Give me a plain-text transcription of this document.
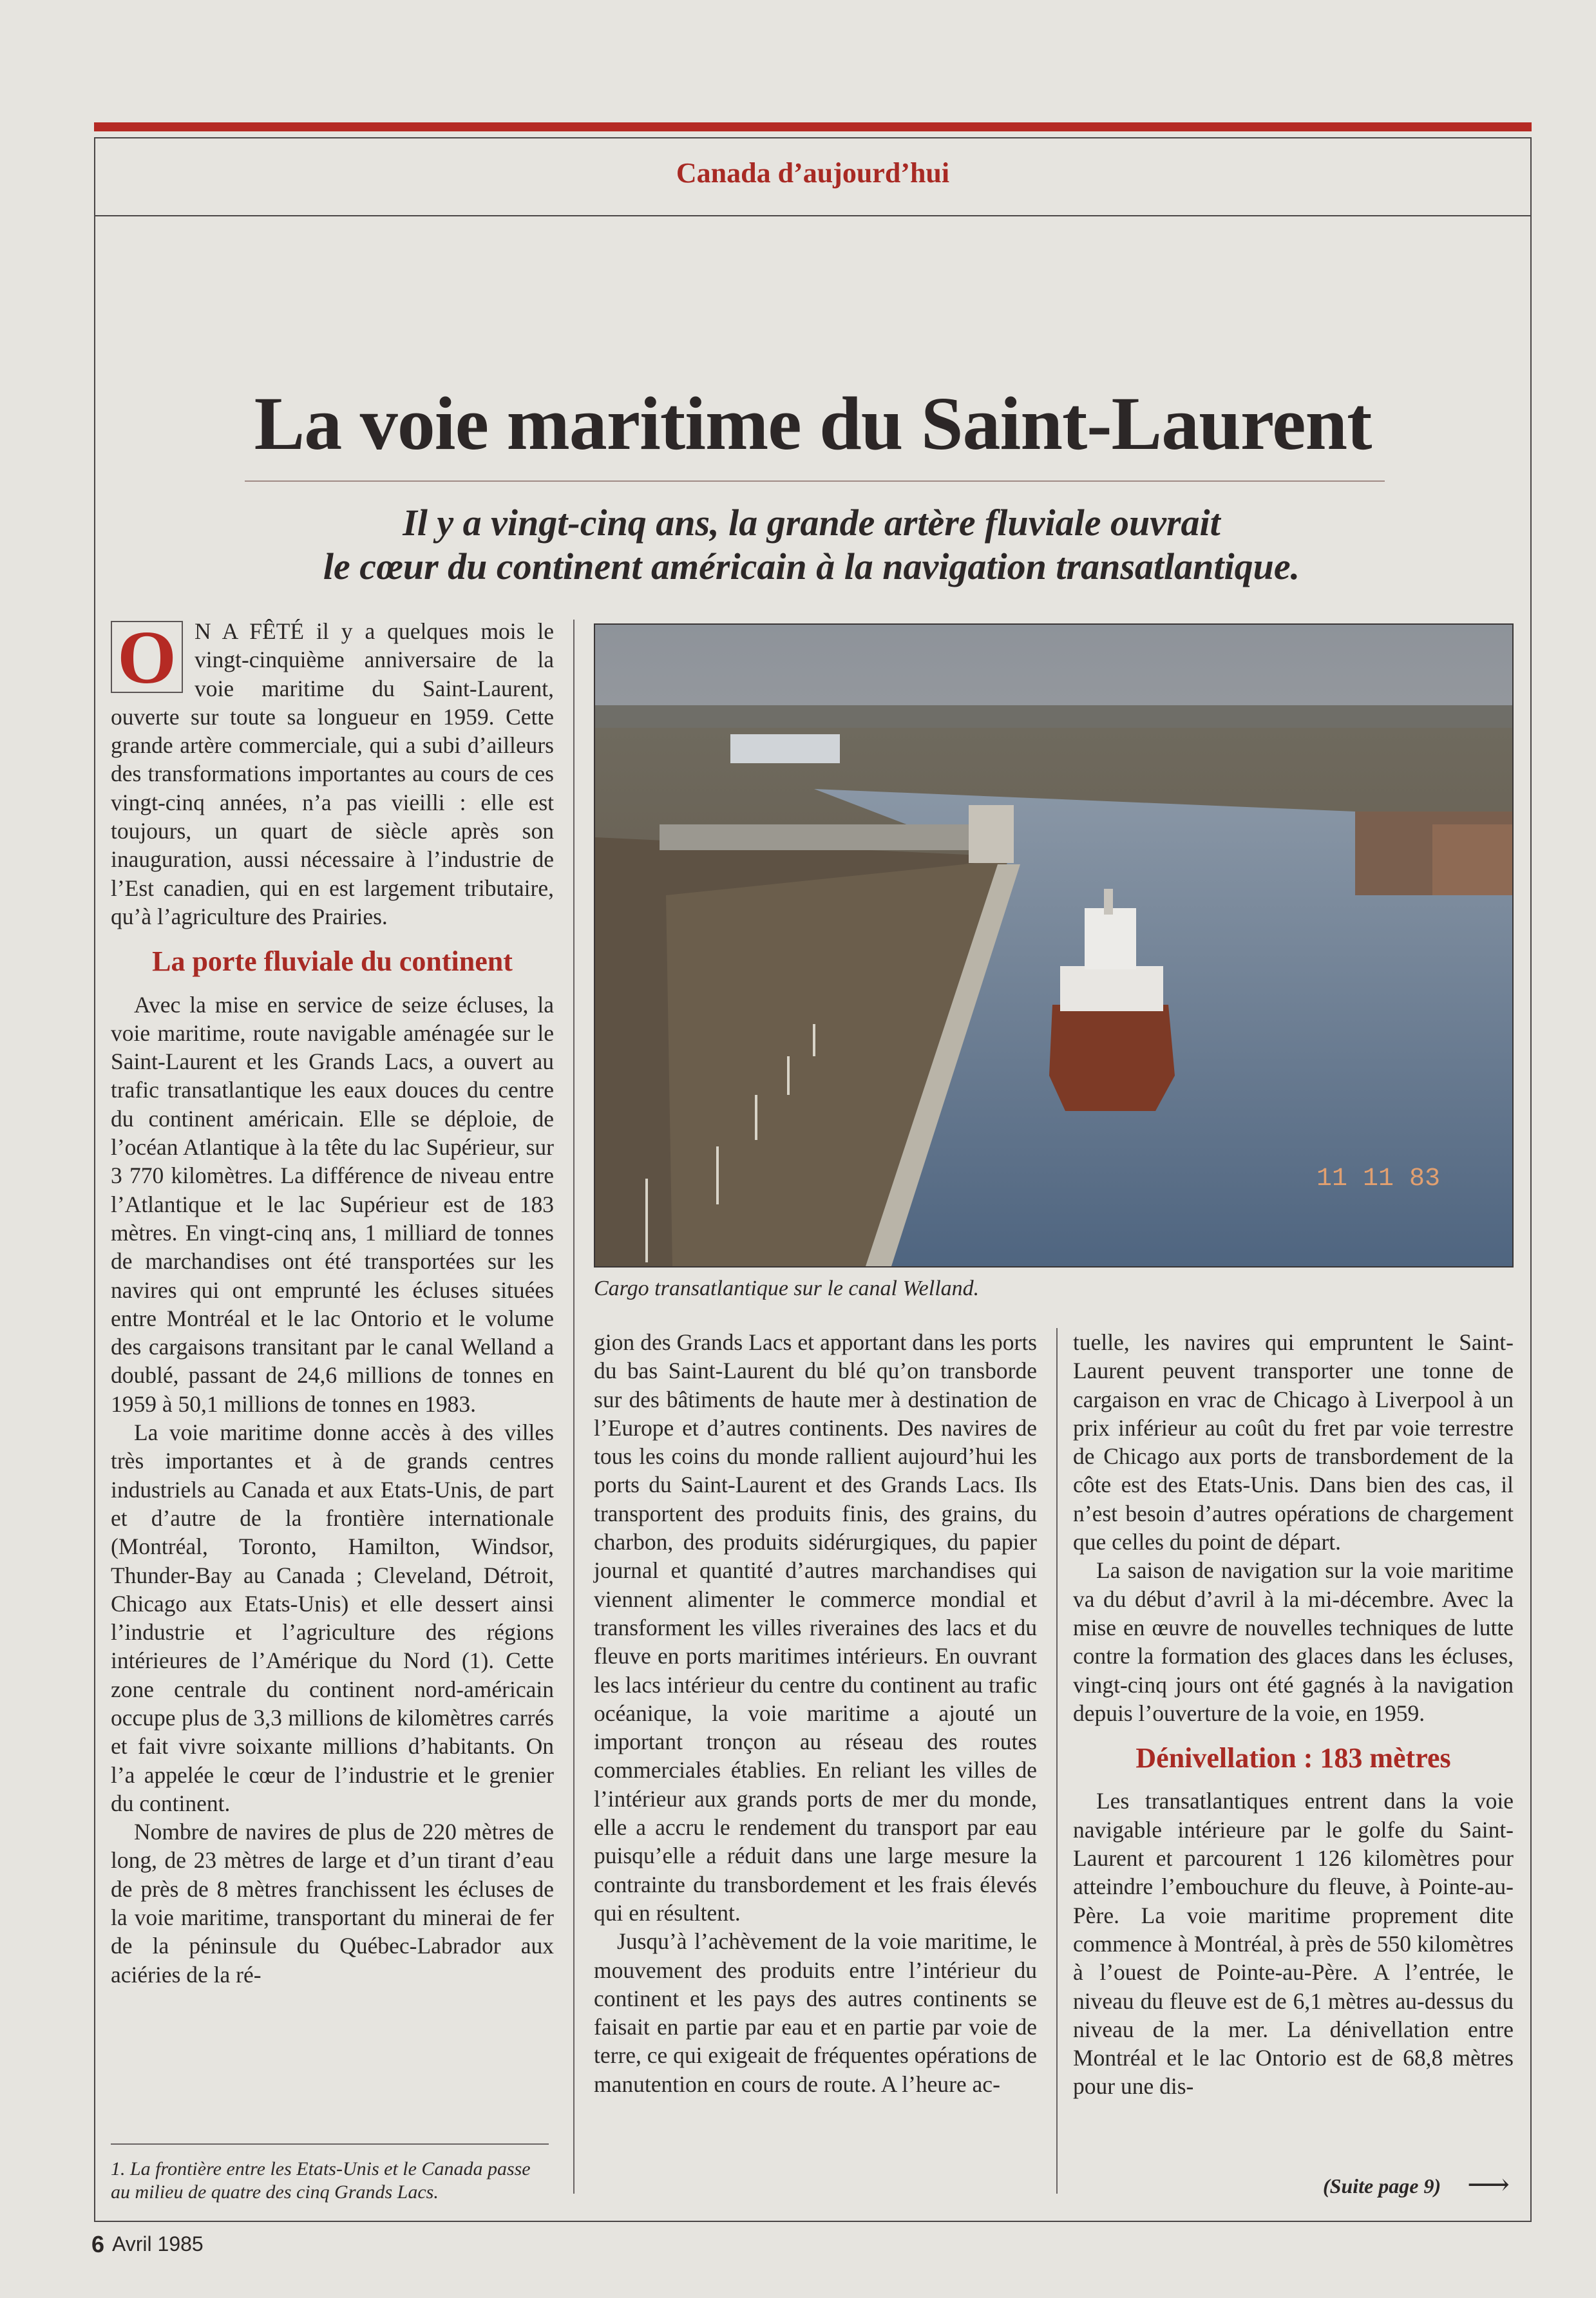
Canada d’aujourd’hui
La voie maritime du Saint-Laurent
Il y a vingt-cinq ans, la grande artère fluviale ouvrait
le cœur du continent américain à la navigation transatlantique.

O N A FÊTÉ il y a quelques mois le vingt-cinquième anniversaire de la voie maritime du Saint-Laurent, ouverte sur toute sa longueur en 1959. Cette grande artère commerciale, qui a subi d’ailleurs des transformations importantes au cours de ces vingt-cinq années, n’a pas vieilli : elle est toujours, un quart de siècle après son inauguration, aussi nécessaire à l’industrie de l’Est canadien, qui en est largement tributaire, qu’à l’agriculture des Prairies.

La porte fluviale du continent

Avec la mise en service de seize écluses, la voie maritime, route navigable aménagée sur le Saint-Laurent et les Grands Lacs, a ouvert au trafic transatlantique les eaux douces du centre du continent américain. Elle se déploie, de l’océan Atlantique à la tête du lac Supérieur, sur 3 770 kilomètres. La différence de niveau entre l’Atlantique et le lac Supérieur est de 183 mètres. En vingt-cinq ans, 1 milliard de tonnes de marchandises ont été transportées sur les navires qui ont emprunté les écluses situées entre Montréal et le lac Ontorio et le volume des cargaisons transitant par le canal Welland a doublé, passant de 24,6 millions de tonnes en 1959 à 50,1 millions de tonnes en 1983.

La voie maritime donne accès à des villes très importantes et à de grands centres industriels au Canada et aux Etats-Unis, de part et d’autre de la frontière internationale (Montréal, Toronto, Hamilton, Windsor, Thunder-Bay au Canada ; Cleveland, Détroit, Chicago aux Etats-Unis) et elle dessert ainsi l’industrie et l’agriculture des régions intérieures de l’Amérique du Nord (1). Cette zone centrale du continent nord-américain occupe plus de 3,3 millions de kilomètres carrés et fait vivre soixante millions d’habitants. On l’a appelée le cœur de l’industrie et le grenier du continent.

Nombre de navires de plus de 220 mètres de long, de 23 mètres de large et d’un tirant d’eau de près de 8 mètres franchissent les écluses de la voie maritime, transportant du minerai de fer de la péninsule du Québec-Labrador aux aciéries de la ré-

11 11 83
Cargo transatlantique sur le canal Welland.

gion des Grands Lacs et apportant dans les ports du bas Saint-Laurent du blé qu’on transborde sur des bâtiments de haute mer à destination de l’Europe et d’autres continents. Des navires de tous les coins du monde rallient aujourd’hui les ports du Saint-Laurent et des Grands Lacs. Ils transportent des produits finis, des grains, du charbon, des produits sidérurgiques, du papier journal et quantité d’autres marchandises qui viennent alimenter le commerce mondial et transforment les villes riveraines des lacs et du fleuve en ports maritimes intérieurs. En ouvrant les lacs intérieur du centre du continent au trafic océanique, la voie maritime a ajouté un important tronçon au réseau des routes commerciales établies. En reliant les villes de l’intérieur aux grands ports de mer du monde, elle a accru le rendement du transport par eau puisqu’elle a réduit dans une large mesure la contrainte du transbordement et les frais élevés qui en résultent.

Jusqu’à l’achèvement de la voie maritime, le mouvement des produits entre l’intérieur du continent et les pays des autres continents se faisait en partie par eau et en partie par voie de terre, ce qui exigeait de fréquentes opérations de manutention en cours de route. A l’heure ac-

tuelle, les navires qui empruntent le Saint-Laurent peuvent transporter une tonne de cargaison en vrac de Chicago à Liverpool à un prix inférieur au coût du fret par voie terrestre de Chicago aux ports de transbordement de la côte est des Etats-Unis. Dans bien des cas, il n’est besoin d’autres opérations de chargement que celles du point de départ.

La saison de navigation sur la voie maritime va du début d’avril à la mi-décembre. Avec la mise en œuvre de nouvelles techniques de lutte contre la formation des glaces dans les écluses, vingt-cinq jours ont été gagnés à la navigation depuis l’ouverture de la voie, en 1959.

Dénivellation : 183 mètres

Les transatlantiques entrent dans la voie navigable intérieure par le golfe du Saint-Laurent et parcourent 1 126 kilomètres pour atteindre l’embouchure du fleuve, à Pointe-au-Père. La voie maritime proprement dite commence à Montréal, à près de 550 kilomètres à l’ouest de Pointe-au-Père. A l’entrée, le niveau du fleuve est de 6,1 mètres au-dessus du niveau de la mer. La dénivellation entre Montréal et le lac Ontorio est de 68,8 mètres pour une dis-

1. La frontière entre les Etats-Unis et le Canada passe au milieu de quatre des cinq Grands Lacs.	(Suite page 9) ⟶
6 Avril 1985
